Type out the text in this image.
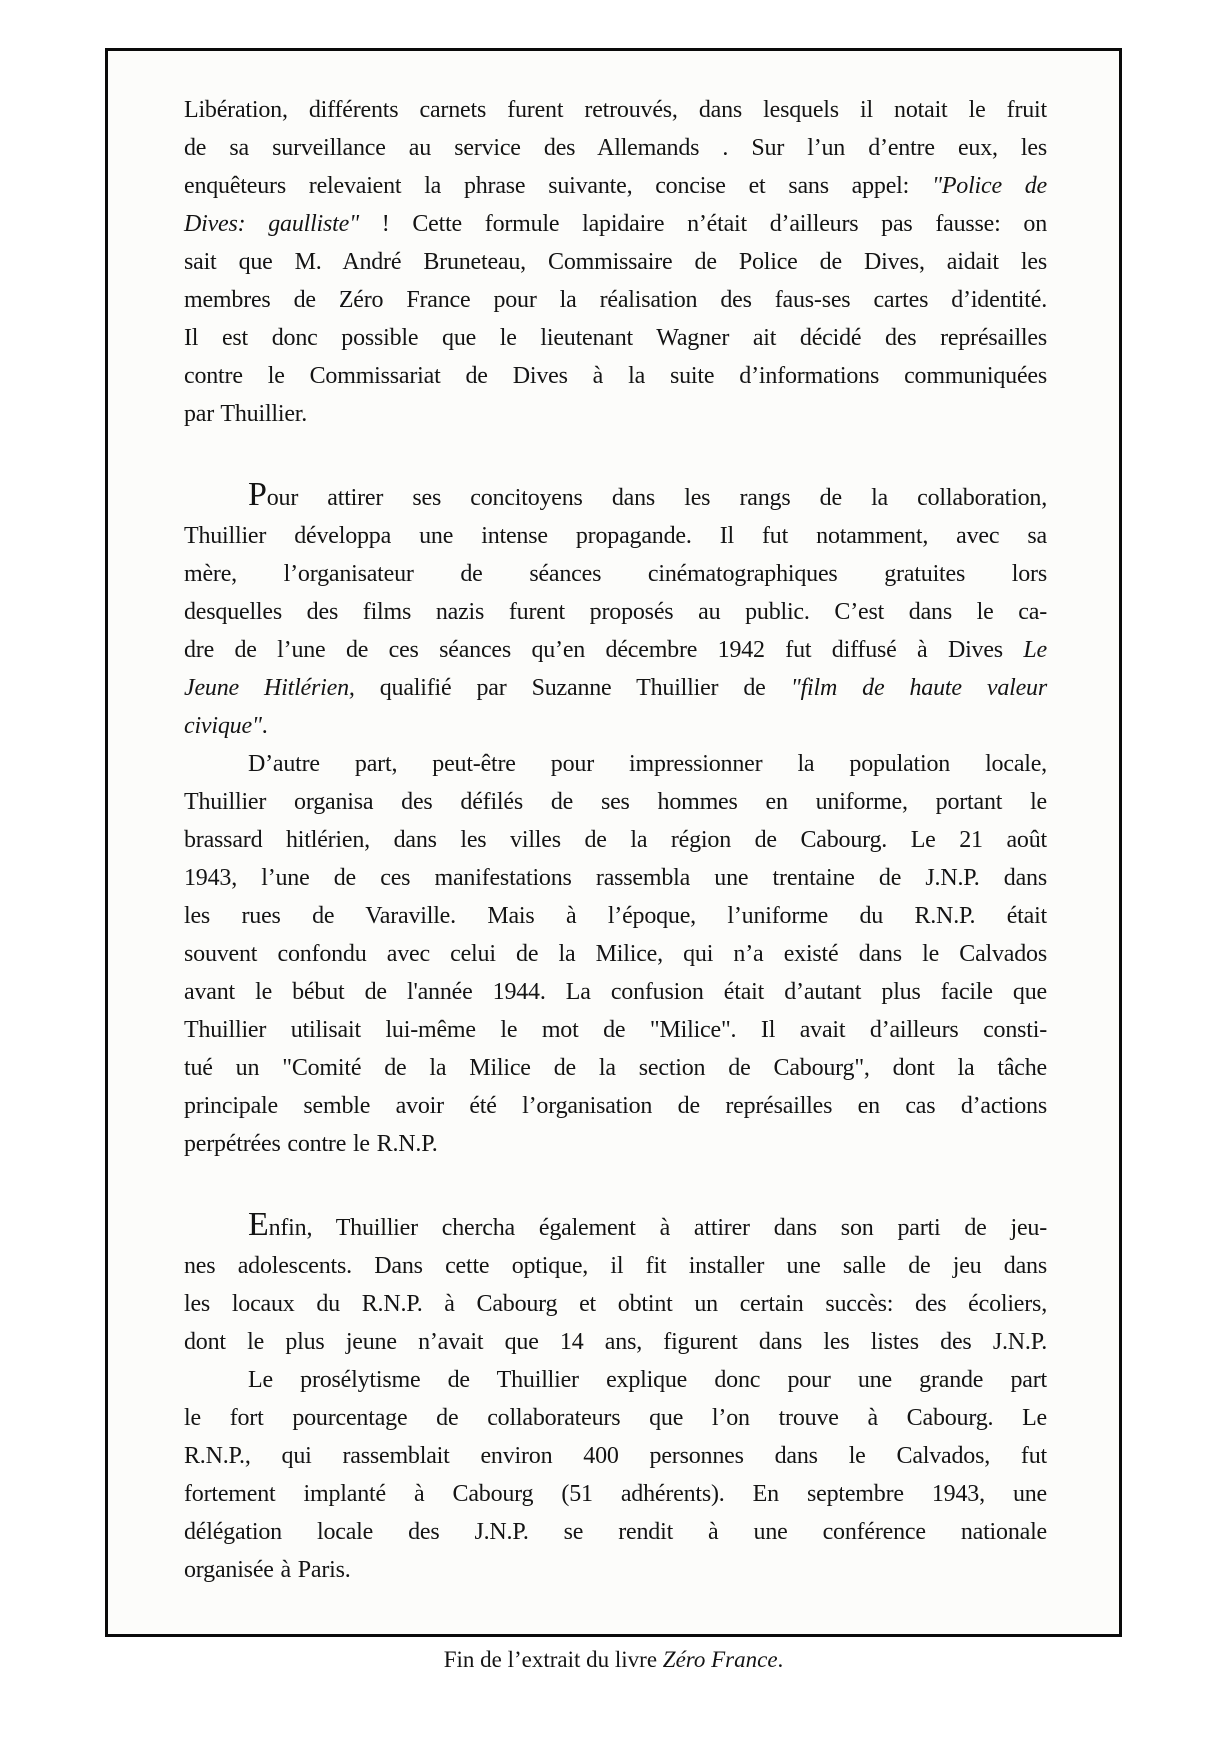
Libération, différents carnets furent retrouvés, dans lesquels il notait le fruit
de sa surveillance au service des Allemands . Sur l’un d’entre eux, les
enquêteurs relevaient la phrase suivante, concise et sans appel: "Police de
Dives: gaulliste" ! Cette formule lapidaire n’était d’ailleurs pas fausse: on
sait que M. André Bruneteau, Commissaire de Police de Dives, aidait les
membres de Zéro France pour la réalisation des faus-ses cartes d’identité.
Il est donc possible que le lieutenant Wagner ait décidé des représailles
contre le Commissariat de Dives à la suite d’informations communiquées
par Thuillier.
Pour attirer ses concitoyens dans les rangs de la collaboration,
Thuillier développa une intense propagande. Il fut notamment, avec sa
mère, l’organisateur de séances cinématographiques gratuites lors
desquelles des films nazis furent proposés au public. C’est dans le ca-
dre de l’une de ces séances qu’en décembre 1942 fut diffusé à Dives Le
Jeune Hitlérien, qualifié par Suzanne Thuillier de "film de haute valeur
civique".
D’autre part, peut-être pour impressionner la population locale,
Thuillier organisa des défilés de ses hommes en uniforme, portant le
brassard hitlérien, dans les villes de la région de Cabourg. Le 21 août
1943, l’une de ces manifestations rassembla une trentaine de J.N.P. dans
les rues de Varaville. Mais à l’époque, l’uniforme du R.N.P. était
souvent confondu avec celui de la Milice, qui n’a existé dans le Calvados
avant le bébut de l'année 1944. La confusion était d’autant plus facile que
Thuillier utilisait lui-même le mot de "Milice". Il avait d’ailleurs consti-
tué un "Comité de la Milice de la section de Cabourg", dont la tâche
principale semble avoir été l’organisation de représailles en cas d’actions
perpétrées contre le R.N.P.
Enfin, Thuillier chercha également à attirer dans son parti de jeu-
nes adolescents. Dans cette optique, il fit installer une salle de jeu dans
les locaux du R.N.P. à Cabourg et obtint un certain succès: des écoliers,
dont le plus jeune n’avait que 14 ans, figurent dans les listes des J.N.P.
Le prosélytisme de Thuillier explique donc pour une grande part
le fort pourcentage de collaborateurs que l’on trouve à Cabourg. Le
R.N.P., qui rassemblait environ 400 personnes dans le Calvados, fut
fortement implanté à Cabourg (51 adhérents). En septembre 1943, une
délégation locale des J.N.P. se rendit à une conférence nationale
organisée à Paris.
Fin de l’extrait du livre Zéro France.
